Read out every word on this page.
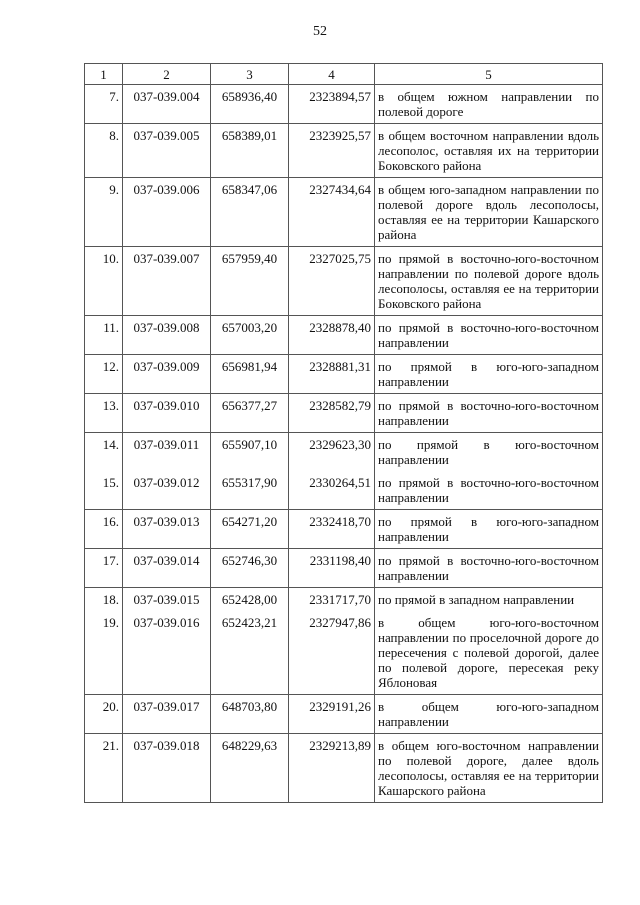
52
1	2	3	4	5
7.	037-039.004	658936,40	2323894,57	в общем южном направлении по полевой дороге
8.	037-039.005	658389,01	2323925,57	в общем восточном направлении вдоль лесополос, оставляя их на территории Боковского района
9.	037-039.006	658347,06	2327434,64	в общем юго-западном направлении по полевой дороге вдоль лесополосы, оставляя ее на территории Кашарского района
10.	037-039.007	657959,40	2327025,75	по прямой в восточно-юго-восточном направлении по полевой дороге вдоль лесополосы, оставляя ее на территории Боковского района
11.	037-039.008	657003,20	2328878,40	по прямой в восточно-юго-восточном направлении
12.	037-039.009	656981,94	2328881,31	по прямой в юго-юго-западном направлении
13.	037-039.010	656377,27	2328582,79	по прямой в восточно-юго-восточном направлении
14.	037-039.011	655907,10	2329623,30	по прямой в юго-восточном направлении
15.	037-039.012	655317,90	2330264,51	по прямой в восточно-юго-восточном направлении
16.	037-039.013	654271,20	2332418,70	по прямой в юго-юго-западном направлении
17.	037-039.014	652746,30	2331198,40	по прямой в восточно-юго-восточном направлении
18.	037-039.015	652428,00	2331717,70	по прямой в западном направлении
19.	037-039.016	652423,21	2327947,86	в общем юго-юго-восточном направлении по проселочной дороге до пересечения с полевой дорогой, далее по полевой дороге, пересекая реку Яблоновая
20.	037-039.017	648703,80	2329191,26	в общем юго-юго-западном направлении
21.	037-039.018	648229,63	2329213,89	в общем юго-восточном направлении по полевой дороге, далее вдоль лесополосы, оставляя ее на территории Кашарского района
